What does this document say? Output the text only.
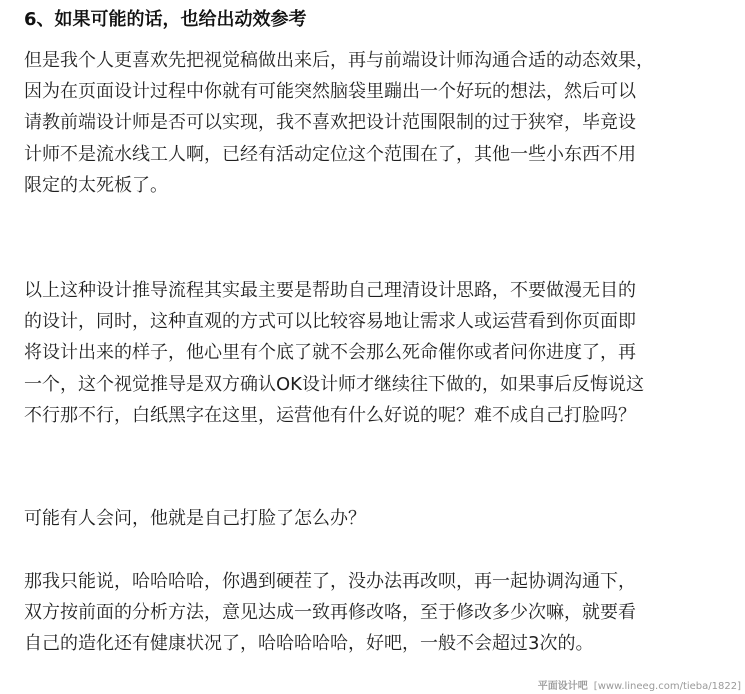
6、如果可能的话，也给出动效参考
但是我个人更喜欢先把视觉稿做出来后，再与前端设计师沟通合适的动态效果，
因为在页面设计过程中你就有可能突然脑袋里蹦出一个好玩的想法，然后可以
请教前端设计师是否可以实现，我不喜欢把设计范围限制的过于狭窄，毕竟设
计师不是流水线工人啊，已经有活动定位这个范围在了，其他一些小东西不用
限定的太死板了。
以上这种设计推导流程其实最主要是帮助自己理清设计思路，不要做漫无目的
的设计，同时，这种直观的方式可以比较容易地让需求人或运营看到你页面即
将设计出来的样子，他心里有个底了就不会那么死命催你或者问你进度了，再
一个，这个视觉推导是双方确认OK设计师才继续往下做的，如果事后反悔说这
不行那不行，白纸黑字在这里，运营他有什么好说的呢？难不成自己打脸吗？
可能有人会问，他就是自己打脸了怎么办？
那我只能说，哈哈哈哈，你遇到硬茬了，没办法再改呗，再一起协调沟通下，
双方按前面的分析方法，意见达成一致再修改咯，至于修改多少次嘛，就要看
自己的造化还有健康状况了，哈哈哈哈哈，好吧，一般不会超过3次的。
平面设计吧 [www.lineeg.com/tieba/1822]
